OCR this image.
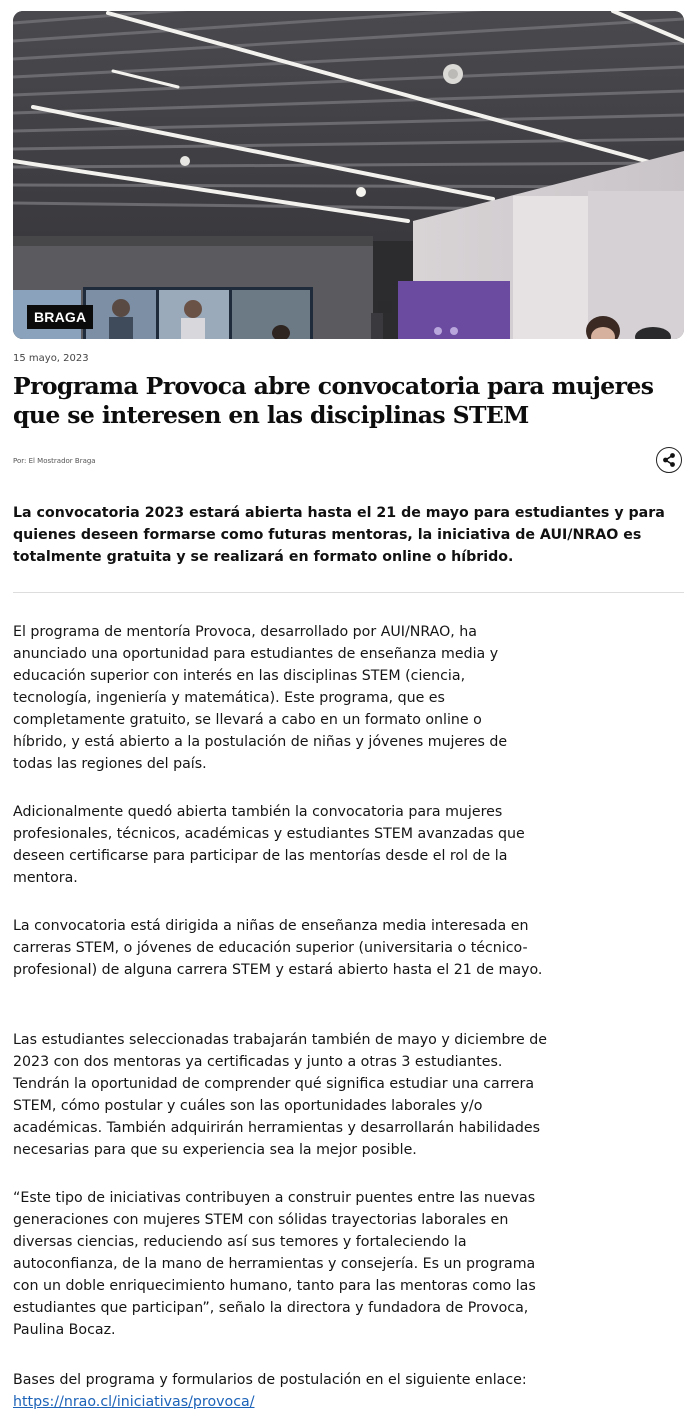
BRAGA
15 mayo, 2023
Programa Provoca abre convocatoria para mujeres que se interesen en las disciplinas STEM
Por: El Mostrador Braga

La convocatoria 2023 estará abierta hasta el 21 de mayo para estudiantes y para quienes deseen formarse como futuras mentoras, la iniciativa de AUI/NRAO es totalmente gratuita y se realizará en formato online o híbrido.

El programa de mentoría Provoca, desarrollado por AUI/NRAO, ha anunciado una oportunidad para estudiantes de enseñanza media y educación superior con interés en las disciplinas STEM (ciencia, tecnología, ingeniería y matemática). Este programa, que es completamente gratuito, se llevará a cabo en un formato online o híbrido, y está abierto a la postulación de niñas y jóvenes mujeres de todas las regiones del país.

Adicionalmente quedó abierta también la convocatoria para mujeres profesionales, técnicos, académicas y estudiantes STEM avanzadas que deseen certificarse para participar de las mentorías desde el rol de la mentora.

La convocatoria está dirigida a niñas de enseñanza media interesada en carreras STEM, o jóvenes de educación superior (universitaria o técnico-profesional) de alguna carrera STEM y estará abierto hasta el 21 de mayo.

Las estudiantes seleccionadas trabajarán también de mayo y diciembre de 2023 con dos mentoras ya certificadas y junto a otras 3 estudiantes. Tendrán la oportunidad de comprender qué significa estudiar una carrera STEM, cómo postular y cuáles son las oportunidades laborales y/o académicas. También adquirirán herramientas y desarrollarán habilidades necesarias para que su experiencia sea la mejor posible.

“Este tipo de iniciativas contribuyen a construir puentes entre las nuevas generaciones con mujeres STEM con sólidas trayectorias laborales en diversas ciencias, reduciendo así sus temores y fortaleciendo la autoconfianza, de la mano de herramientas y consejería. Es un programa con un doble enriquecimiento humano, tanto para las mentoras como las estudiantes que participan”, señalo la directora y fundadora de Provoca, Paulina Bocaz.

Bases del programa y formularios de postulación en el siguiente enlace:
https://nrao.cl/iniciativas/provoca/
